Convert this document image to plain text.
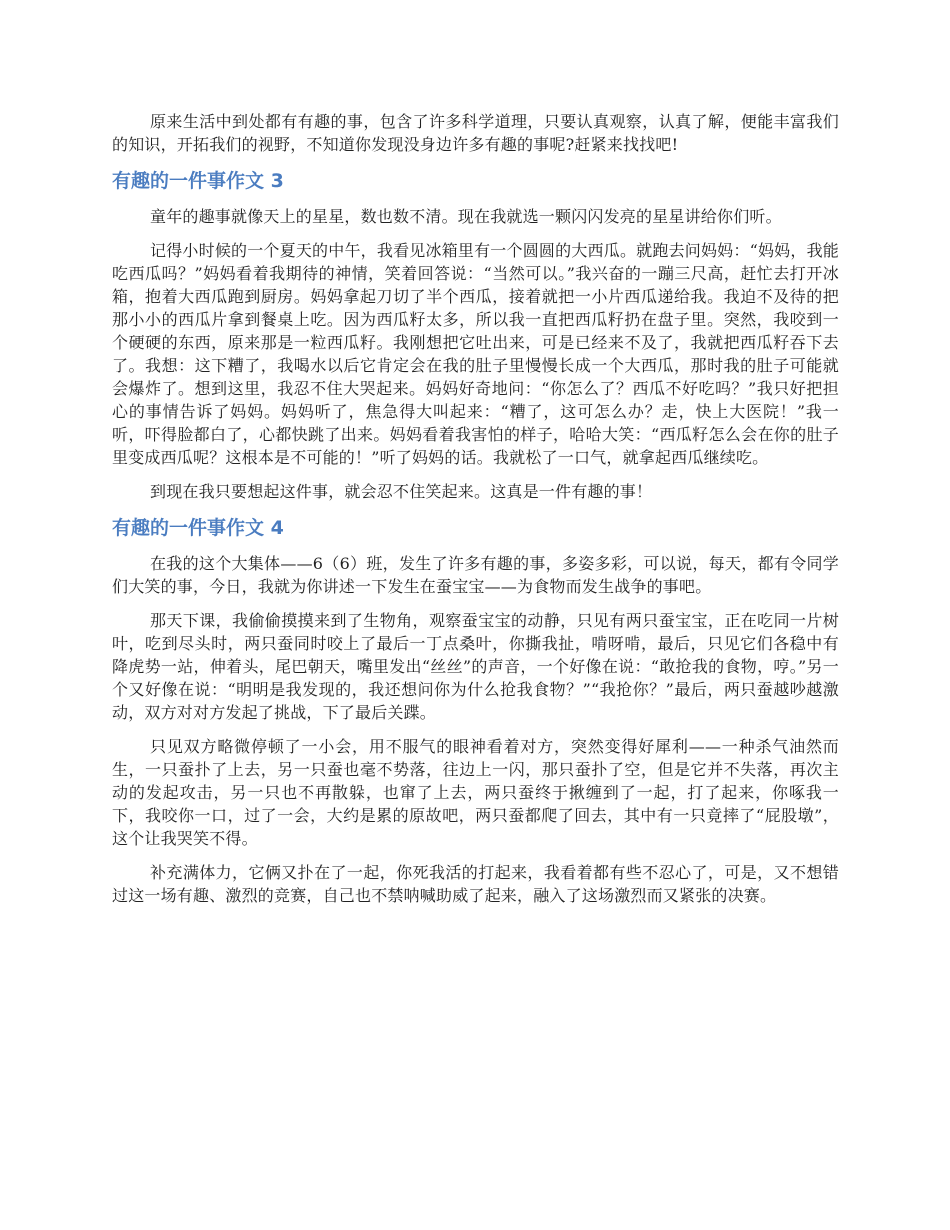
原来生活中到处都有有趣的事，包含了许多科学道理，只要认真观察，认真了解，便能丰富我们的知识，开拓我们的视野，不知道你发现没身边许多有趣的事呢?赶紧来找找吧!

有趣的一件事作文 3

童年的趣事就像天上的星星，数也数不清。现在我就选一颗闪闪发亮的星星讲给你们听。

记得小时候的一个夏天的中午，我看见冰箱里有一个圆圆的大西瓜。就跑去问妈妈：“妈妈，我能吃西瓜吗？”妈妈看着我期待的神情，笑着回答说：“当然可以。”我兴奋的一蹦三尺高，赶忙去打开冰箱，抱着大西瓜跑到厨房。妈妈拿起刀切了半个西瓜，接着就把一小片西瓜递给我。我迫不及待的把那小小的西瓜片拿到餐桌上吃。因为西瓜籽太多，所以我一直把西瓜籽扔在盘子里。突然，我咬到一个硬硬的东西，原来那是一粒西瓜籽。我刚想把它吐出来，可是已经来不及了，我就把西瓜籽吞下去了。我想：这下糟了，我喝水以后它肯定会在我的肚子里慢慢长成一个大西瓜，那时我的肚子可能就会爆炸了。想到这里，我忍不住大哭起来。妈妈好奇地问：“你怎么了？西瓜不好吃吗？”我只好把担心的事情告诉了妈妈。妈妈听了，焦急得大叫起来：“糟了，这可怎么办？走，快上大医院！”我一听，吓得脸都白了，心都快跳了出来。妈妈看着我害怕的样子，哈哈大笑：“西瓜籽怎么会在你的肚子里变成西瓜呢？这根本是不可能的！”听了妈妈的话。我就松了一口气，就拿起西瓜继续吃。

到现在我只要想起这件事，就会忍不住笑起来。这真是一件有趣的事！

有趣的一件事作文 4

在我的这个大集体——6（6）班，发生了许多有趣的事，多姿多彩，可以说，每天，都有令同学们大笑的事，今日，我就为你讲述一下发生在蚕宝宝——为食物而发生战争的事吧。

那天下课，我偷偷摸摸来到了生物角，观察蚕宝宝的动静，只见有两只蚕宝宝，正在吃同一片树叶，吃到尽头时，两只蚕同时咬上了最后一丁点桑叶，你撕我扯，啃呀啃，最后，只见它们各稳中有降虎势一站，伸着头，尾巴朝天，嘴里发出“丝丝”的声音，一个好像在说：“敢抢我的食物，哼。”另一个又好像在说：“明明是我发现的，我还想问你为什么抢我食物？”“我抢你？”最后，两只蚕越吵越激动，双方对对方发起了挑战，下了最后关蹀。

只见双方略微停顿了一小会，用不服气的眼神看着对方，突然变得好犀利——一种杀气油然而生，一只蚕扑了上去，另一只蚕也毫不势落，往边上一闪，那只蚕扑了空，但是它并不失落，再次主动的发起攻击，另一只也不再散躲，也窜了上去，两只蚕终于揪缠到了一起，打了起来，你啄我一下，我咬你一口，过了一会，大约是累的原故吧，两只蚕都爬了回去，其中有一只竟摔了“屁股墩”，这个让我哭笑不得。

补充满体力，它俩又扑在了一起，你死我活的打起来，我看着都有些不忍心了，可是，又不想错过这一场有趣、激烈的竞赛，自己也不禁呐喊助威了起来，融入了这场激烈而又紧张的决赛。
